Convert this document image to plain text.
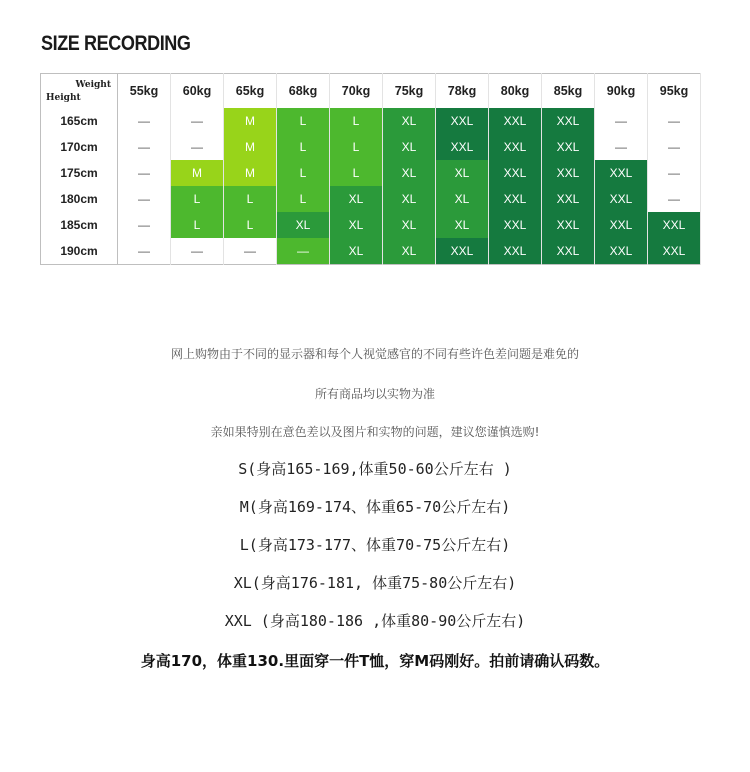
SIZE RECORDING
Weight
Height	55kg	60kg	65kg	68kg	70kg	75kg	78kg	80kg	85kg	90kg	95kg
165cm	—	—	M	L	L	XL	XXL	XXL	XXL	—	—
170cm	—	—	M	L	L	XL	XXL	XXL	XXL	—	—
175cm	—	M	M	L	L	XL	XL	XXL	XXL	XXL	—
180cm	—	L	L	L	XL	XL	XL	XXL	XXL	XXL	—
185cm	—	L	L	XL	XL	XL	XL	XXL	XXL	XXL	XXL
190cm	—	—	—	—	XL	XL	XXL	XXL	XXL	XXL	XXL
网上购物由于不同的显示器和每个人视觉感官的不同有些许色差问题是难免的
所有商品均以实物为准
亲如果特别在意色差以及图片和实物的问题，建议您谨慎选购!
S(身高165-169,体重50-60公斤左右 )
M(身高169-174、体重65-70公斤左右)
L(身高173-177、体重70-75公斤左右)
XL(身高176-181, 体重75-80公斤左右)
XXL (身高180-186 ,体重80-90公斤左右)
身高170，体重130.里面穿一件T恤，穿M码刚好。拍前请确认码数。
